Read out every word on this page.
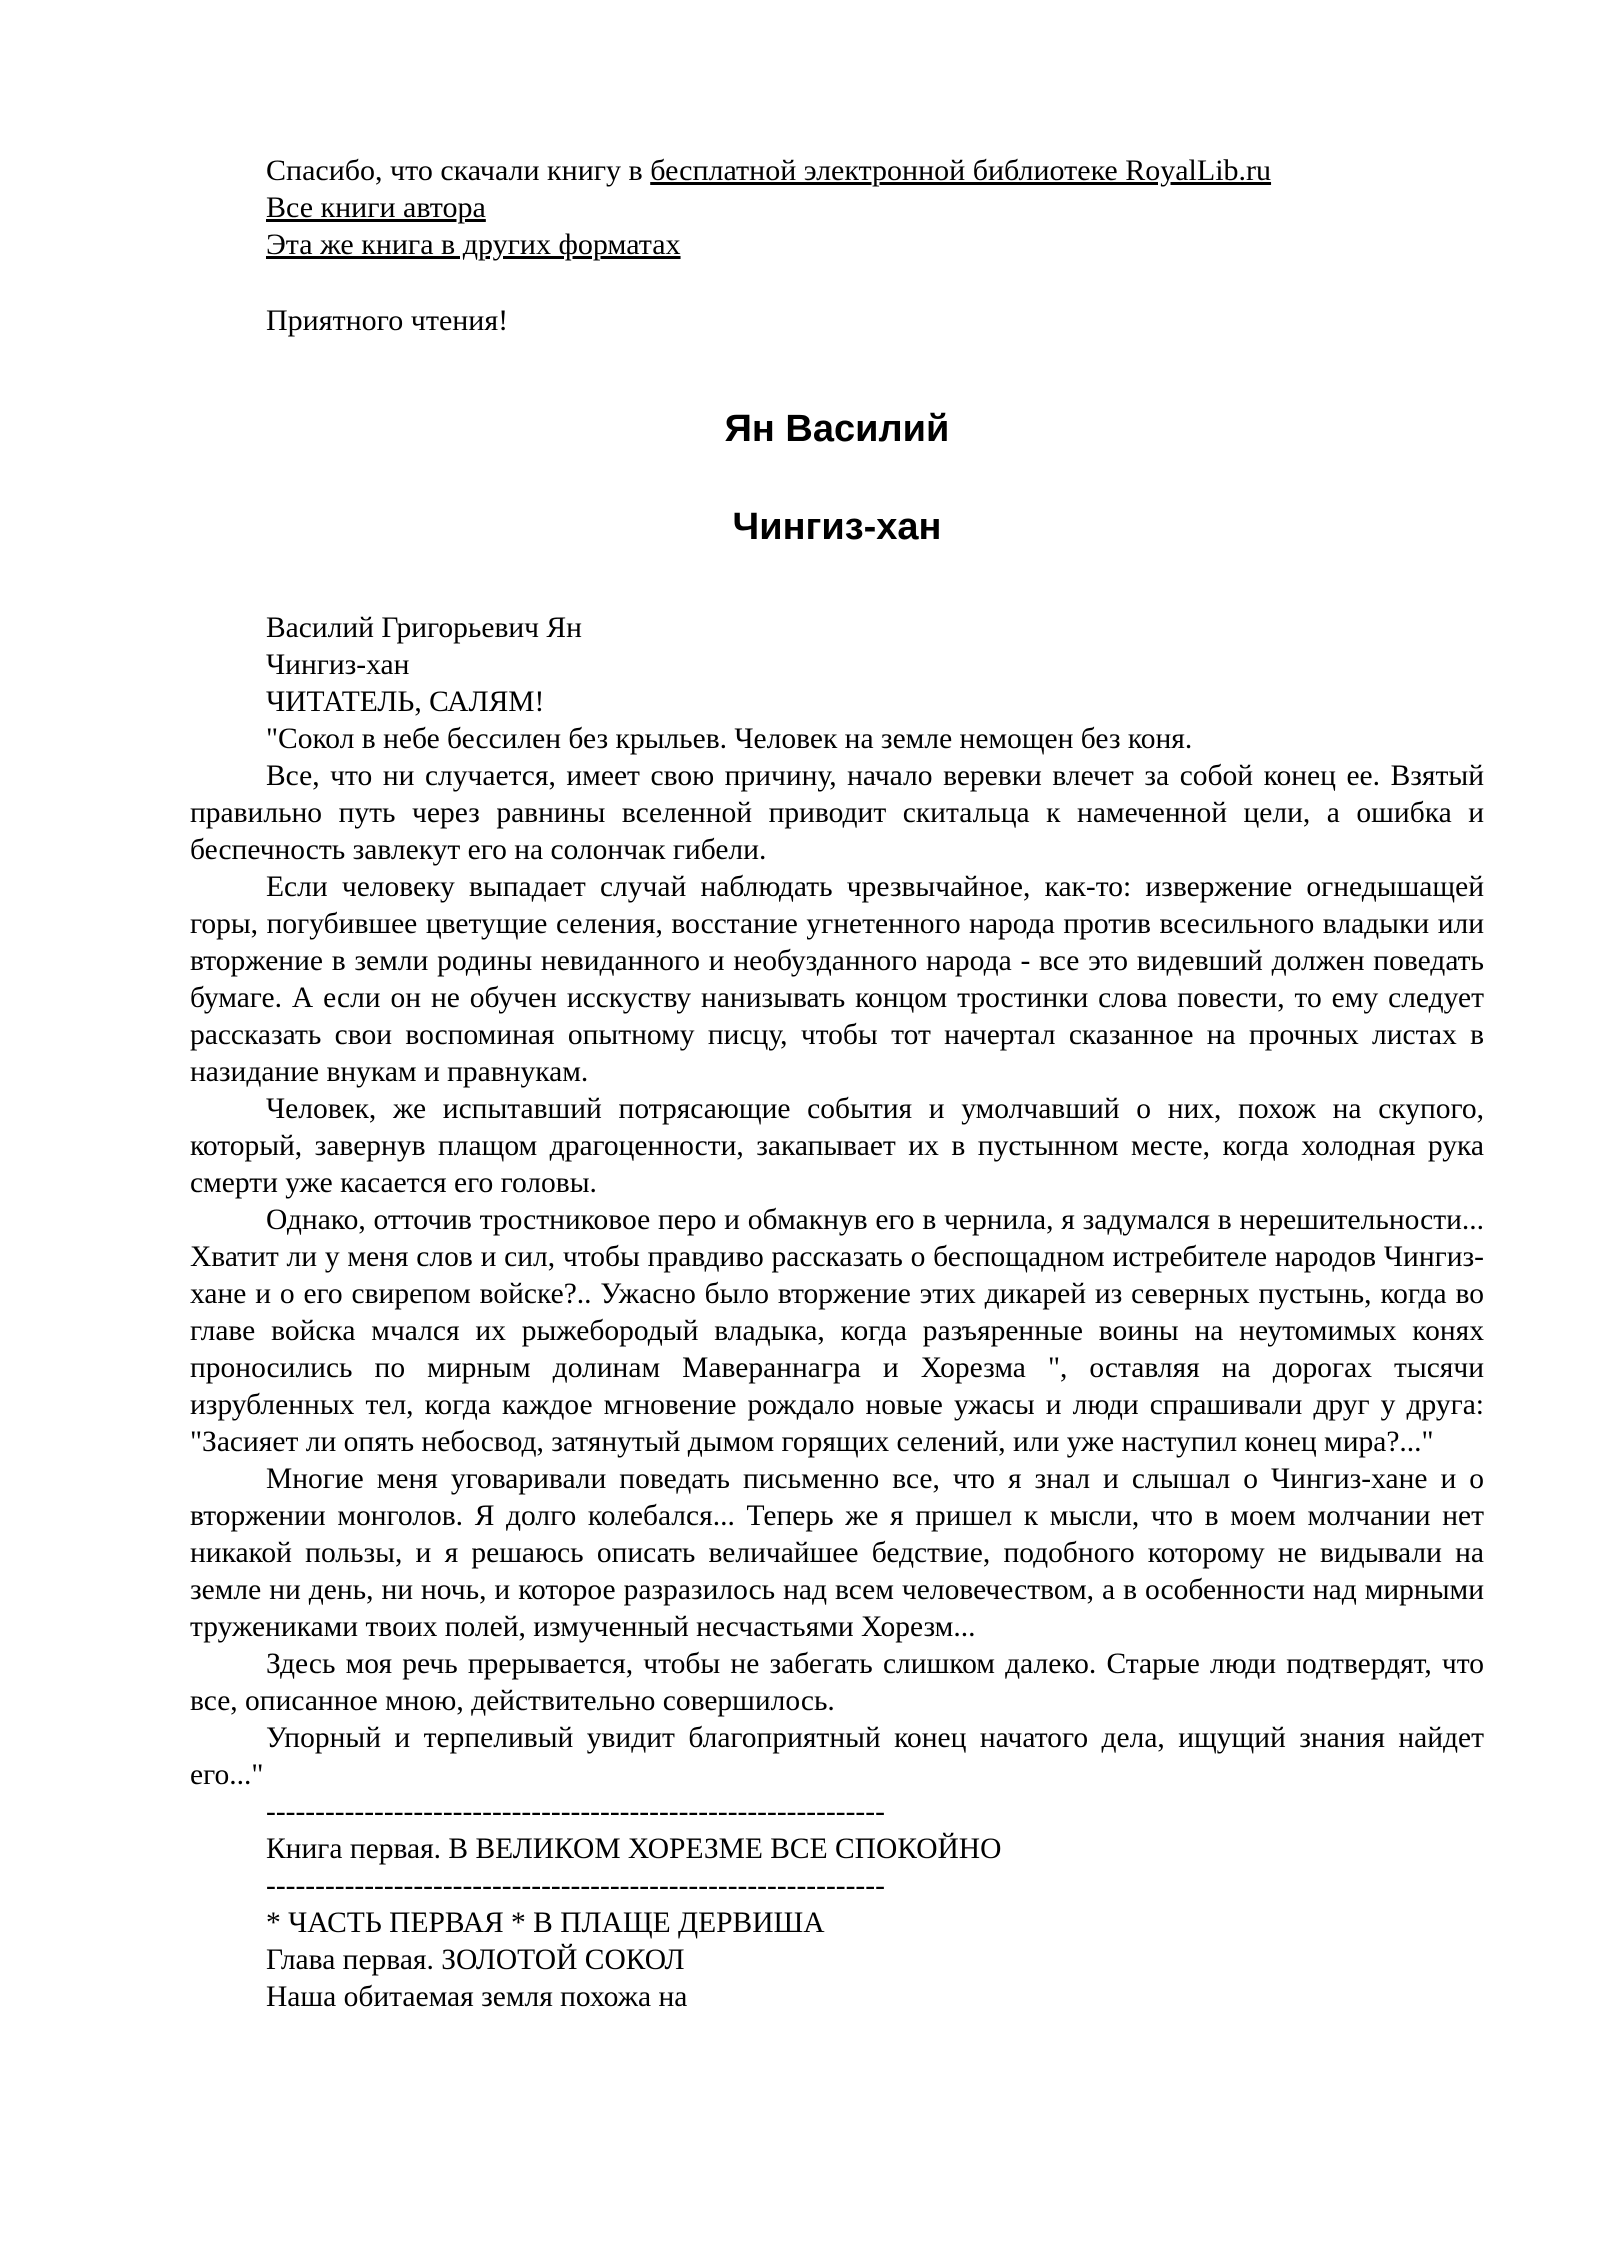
Спасибо, что скачали книгу в бесплатной электронной библиотеке RoyalLib.ru
Все книги автора
Эта же книга в других форматах
Приятного чтения!
Ян Василий
Чингиз-хан

Василий Григорьевич Ян

Чингиз-хан

ЧИТАТЕЛЬ, САЛЯМ!

"Сокол в небе бессилен без крыльев. Человек на земле немощен без коня.

Все, что ни случается, имеет свою причину, начало веревки влечет за собой конец ее. Взятый правильно путь через равнины вселенной приводит скитальца к намеченной цели, а ошибка и беспечность завлекут его на солончак гибели.

Если человеку выпадает случай наблюдать чрезвычайное, как-то: извержение огнедышащей горы, погубившее цветущие селения, восстание угнетенного народа против всесильного владыки или вторжение в земли родины невиданного и необузданного народа - все это видевший должен поведать бумаге. А если он не обучен исскуству нанизывать концом тростинки слова повести, то ему следует рассказать свои воспоминая опытному писцу, чтобы тот начертал сказанное на прочных листах в назидание внукам и правнукам.

Человек, же испытавший потрясающие события и умолчавший о них, похож на скупого, который, завернув плащом драгоценности, закапывает их в пустынном месте, когда холодная рука смерти уже касается его головы.

Однако, отточив тростниковое перо и обмакнув его в чернила, я задумался в нерешительности... Хватит ли у меня слов и сил, чтобы правдиво рассказать о беспощадном истребителе народов Чингиз-хане и о его свирепом войске?.. Ужасно было вторжение этих дикарей из северных пустынь, когда во главе войска мчался их рыжебородый владыка, когда разъяренные воины на неутомимых конях проносились по мирным долинам Мавераннагра и Хорезма ", оставляя на дорогах тысячи изрубленных тел, когда каждое мгновение рождало новые ужасы и люди спрашивали друг у друга: "Засияет ли опять небосвод, затянутый дымом горящих селений, или уже наступил конец мира?..."

Многие меня уговаривали поведать письменно все, что я знал и слышал о Чингиз-хане и о вторжении монголов. Я долго колебался... Теперь же я пришел к мысли, что в моем молчании нет никакой пользы, и я решаюсь описать величайшее бедствие, подобного которому не видывали на земле ни день, ни ночь, и которое разразилось над всем человечеством, а в особенности над мирными тружениками твоих полей, измученный несчастьями Хорезм...

Здесь моя речь прерывается, чтобы не забегать слишком далеко. Старые люди подтвердят, что все, описанное мною, действительно совершилось.

Упорный и терпеливый увидит благоприятный конец начатого дела, ищущий знания найдет его..."

---------------------------------------------------------------

Книга первая. В ВЕЛИКОМ ХОРЕЗМЕ ВСЕ СПОКОЙНО

---------------------------------------------------------------

* ЧАСТЬ ПЕРВАЯ * В ПЛАЩЕ ДЕРВИША

Глава первая. ЗОЛОТОЙ СОКОЛ

Наша обитаемая земля похожа на
